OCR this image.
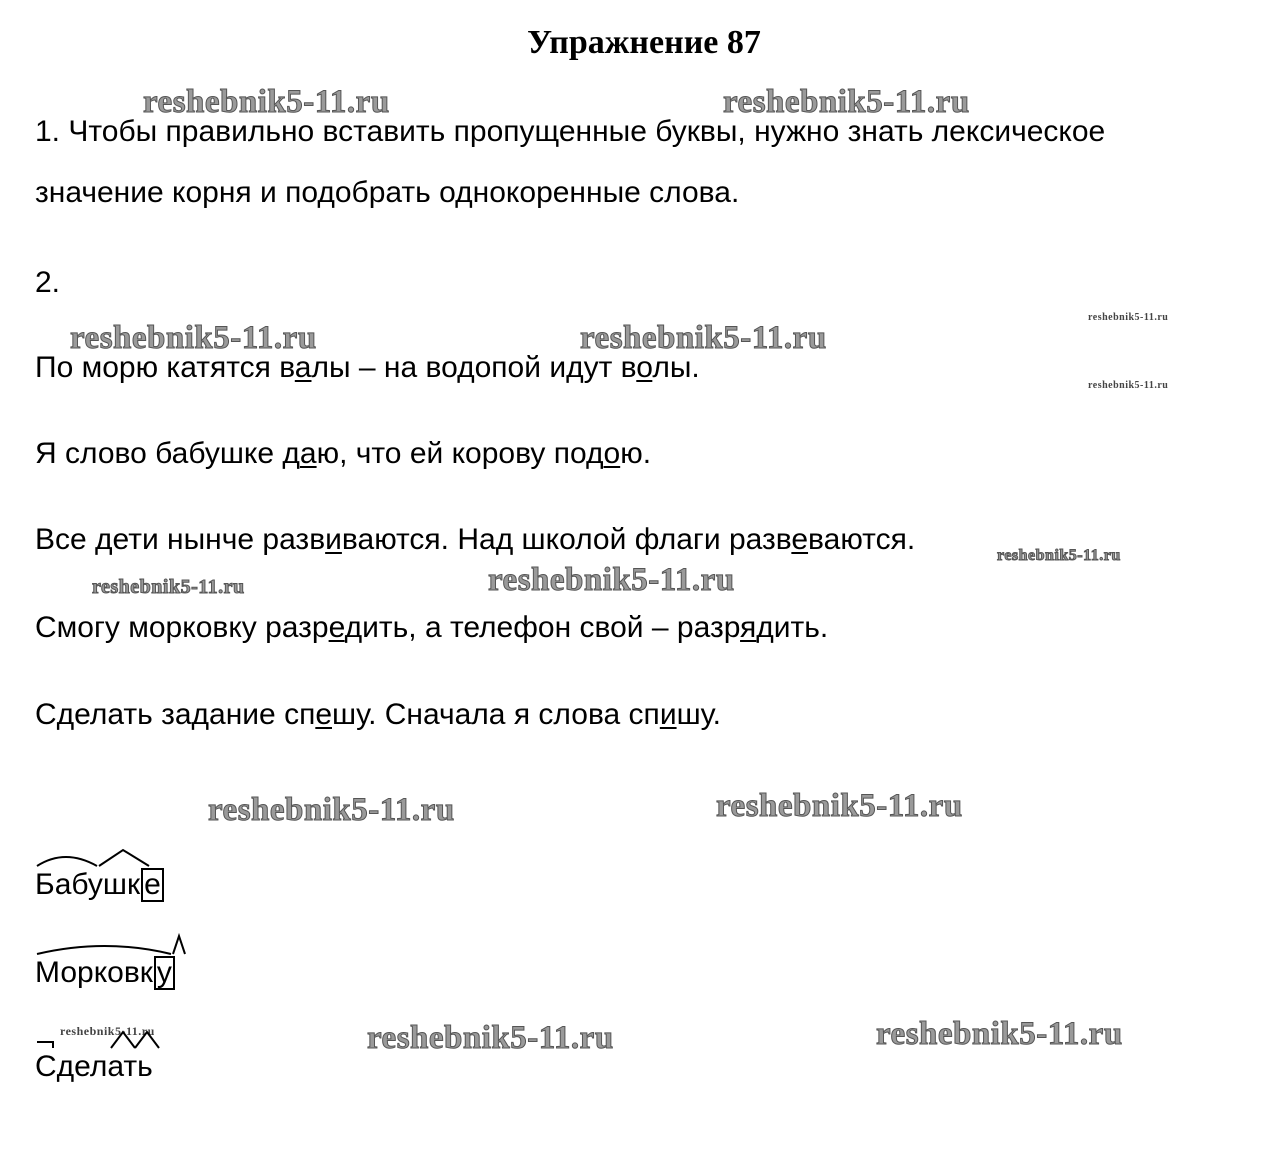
Упражнение 87
reshebnik5-11.ru	reshebnik5-11.ru
reshebnik5-11.ru	reshebnik5-11.ru
reshebnik5-11.ru
reshebnik5-11.ru
reshebnik5-11.ru	reshebnik5-11.ru
reshebnik5-11.ru
reshebnik5-11.ru	reshebnik5-11.ru
reshebnik5-11.ru	reshebnik5-11.ru	reshebnik5-11.ru
1. Чтобы правильно вставить пропущенные буквы, нужно знать лексическое
значение корня и подобрать однокоренные слова.
2.
По морю катятся валы – на водопой идут волы.
Я слово бабушке даю, что ей корову подою.
Все дети нынче развиваются. Над школой флаги развеваются.
Смогу морковку разредить, а телефон свой – разрядить.
Сделать задание спешу. Сначала я слова спишу.
Бабушк е
Морковк у
Сделать
